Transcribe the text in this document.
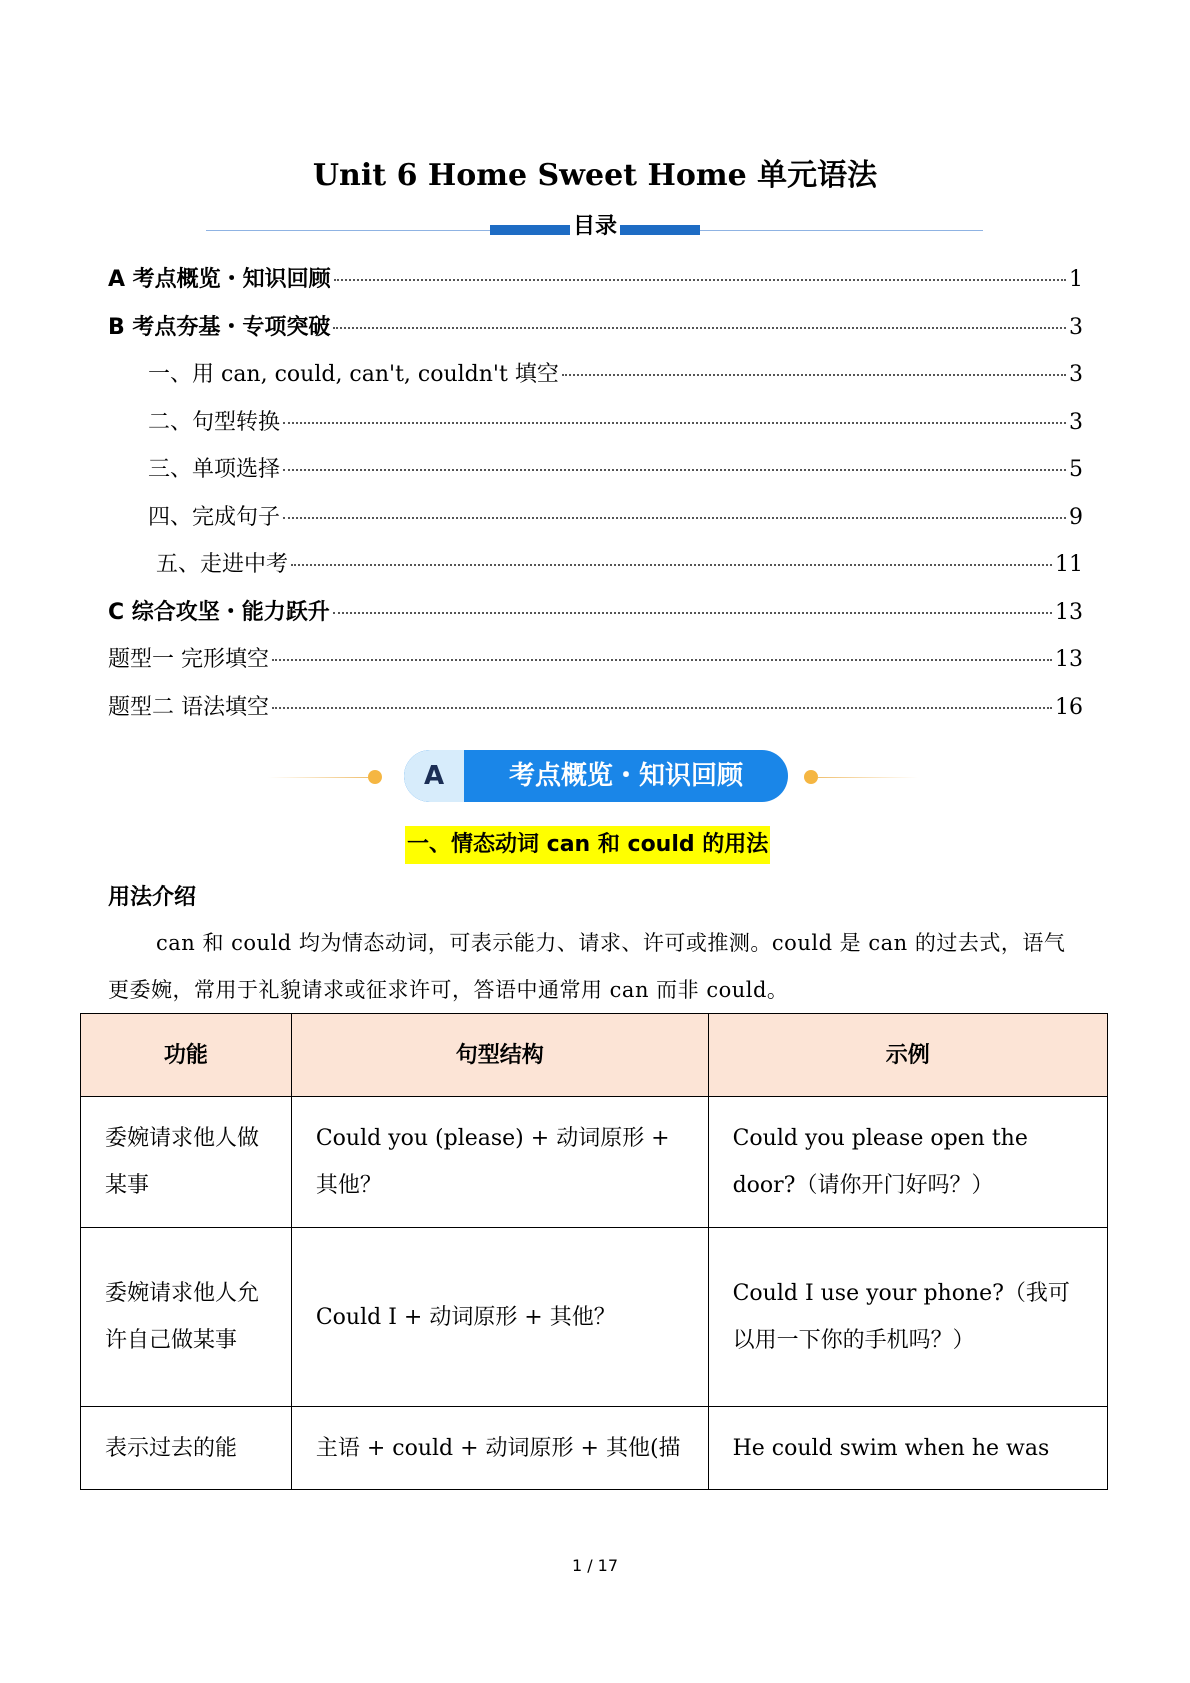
Unit 6 Home Sweet Home 单元语法
目录
A 考点概览・知识回顾	1
B 考点夯基・专项突破	3
一、用 can, could, can't, couldn't 填空	3
二、句型转换	3
三、单项选择	5
四、完成句子	9
五、走进中考	11
C 综合攻坚・能力跃升	13
题型一 完形填空	13
题型二 语法填空	16
A	考点概览・知识回顾
一、情态动词 can 和 could 的用法
用法介绍
can 和 could 均为情态动词，可表示能力、请求、许可或推测。could 是 can 的过去式，语气更委婉，常用于礼貌请求或征求许可，答语中通常用 can 而非 could。
功能	句型结构	示例
委婉请求他人做某事	Could you (please) + 动词原形 + 其他？	Could you please open the door?（请你开门好吗？）
委婉请求他人允许自己做某事	Could I + 动词原形 + 其他？	Could I use your phone?（我可以用一下你的手机吗？）
表示过去的能	主语 + could + 动词原形 + 其他(描	He could swim when he was
1 / 17
